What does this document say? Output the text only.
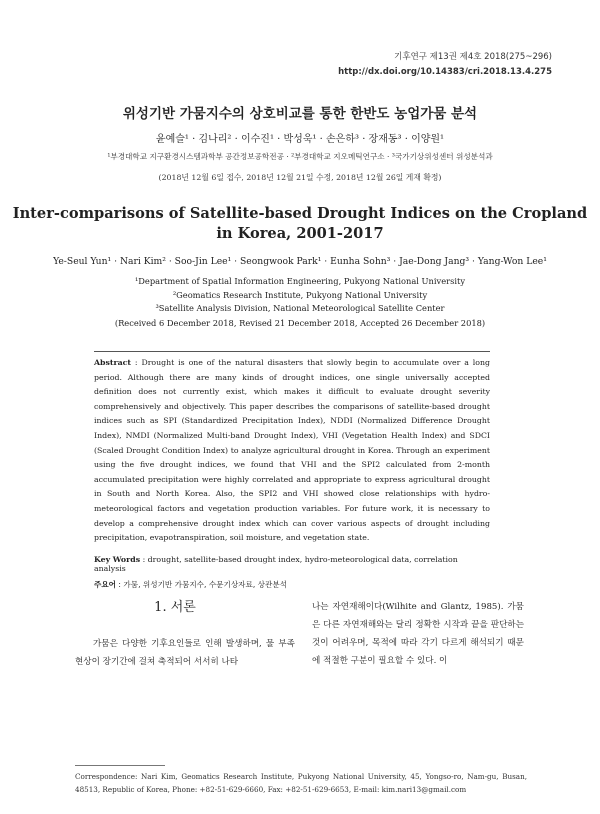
기후연구 제13권 제4호 2018(275~296)
http://dx.doi.org/10.14383/cri.2018.13.4.275
위성기반 가뭄지수의 상호비교를 통한 한반도 농업가뭄 분석
윤예슬¹ · 김나리² · 이수진¹ · 박성욱¹ · 손은하³ · 장재동³ · 이양원¹
¹부경대학교 지구환경시스템과학부 공간정보공학전공 · ²부경대학교 지오메틱연구소 · ³국가기상위성센터 위성분석과
(2018년 12월 6일 접수, 2018년 12월 21일 수정, 2018년 12월 26일 게재 확정)
Inter-comparisons of Satellite-based Drought Indices on the Cropland
in Korea, 2001-2017
Ye-Seul Yun¹ · Nari Kim² · Soo-Jin Lee¹ · Seongwook Park¹ · Eunha Sohn³ · Jae-Dong Jang³ · Yang-Won Lee¹
¹Department of Spatial Information Engineering, Pukyong National University
²Geomatics Research Institute, Pukyong National University
³Satellite Analysis Division, National Meteorological Satellite Center
(Received 6 December 2018, Revised 21 December 2018, Accepted 26 December 2018)
Abstract : Drought is one of the natural disasters that slowly begin to accumulate over a long period. Although there are many kinds of drought indices, one single universally accepted definition does not currently exist, which makes it difficult to evaluate drought severity comprehensively and objectively. This paper describes the comparisons of satellite-based drought indices such as SPI (Standardized Precipitation Index), NDDI (Normalized Difference Drought Index), NMDI (Normalized Multi-band Drought Index), VHI (Vegetation Health Index) and SDCI (Scaled Drought Condition Index) to analyze agricultural drought in Korea. Through an experiment using the five drought indices, we found that VHI and the SPI2 calculated from 2-month accumulated precipitation were highly correlated and appropriate to express agricultural drought in South and North Korea. Also, the SPI2 and VHI showed close relationships with hydro-meteorological factors and vegetation production variables. For future work, it is necessary to develop a comprehensive drought index which can cover various aspects of drought including precipitation, evapotranspiration, soil moisture, and vegetation state.
Key Words : drought, satellite-based drought index, hydro-meteorological data, correlation analysis
주요어 : 가뭄, 위성기반 가뭄지수, 수문기상자료, 상관분석
1. 서론
가뭄은 다양한 기후요인들로 인해 발생하며, 물 부족 현상이 장기간에 걸쳐 축적되어 서서히 나타
나는 자연재해이다(Wilhite and Glantz, 1985). 가뭄은 다른 자연재해와는 달리 정확한 시작과 끝을 판단하는 것이 어려우며, 목적에 따라 각기 다르게 해석되기 때문에 적절한 구분이 필요할 수 있다. 이
Correspondence: Nari Kim, Geomatics Research Institute, Pukyong National University, 45, Yongso-ro, Nam-gu, Busan, 48513, Republic of Korea, Phone: +82-51-629-6660, Fax: +82-51-629-6653, E-mail: kim.nari13@gmail.com
